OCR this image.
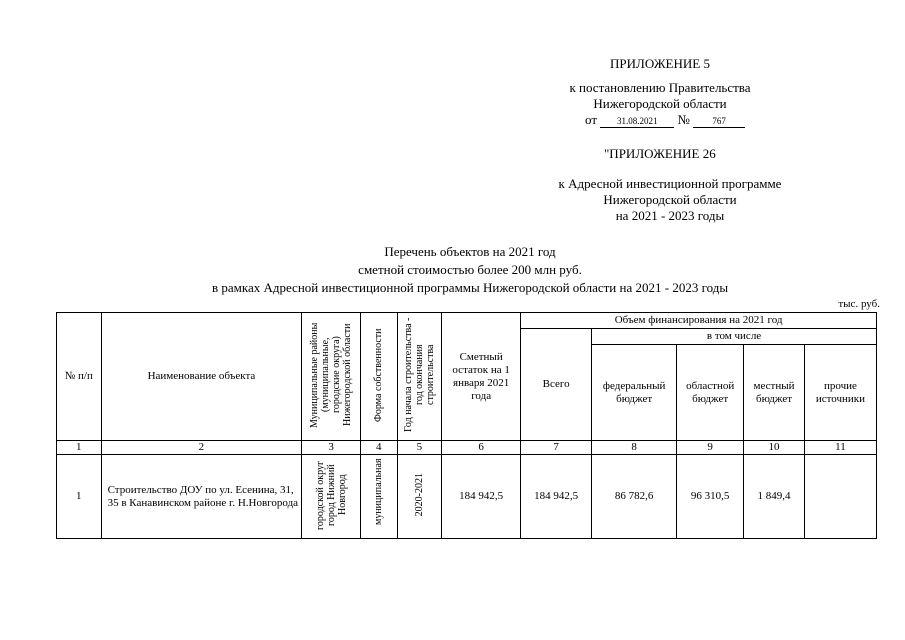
ПРИЛОЖЕНИЕ 5
к постановлению Правительства
Нижегородской области
от 31.08.2021 №	767
"ПРИЛОЖЕНИЕ 26
к Адресной инвестиционной программе
Нижегородской области
на 2021 - 2023 годы
Перечень объектов на 2021 год
сметной стоимостью более 200 млн руб.
в рамках Адресной инвестиционной программы Нижегородской области на 2021 - 2023 годы
тыс. руб.
№ п/п	Наименование объекта	Муниципальные районы (муниципальные, городские округа) Нижегородской области	Форма собственности	Год начала строительства - год окончания строительства	Сметный остаток на 1 января 2021 года	Объем финансирования на 2021 год				
						Всего	в том числе			
							федеральный бюджет	областной бюджет	местный бюджет	прочие источники
1	2	3	4	5	6	7	8	9	10	11
1	Строительство ДОУ по ул. Есенина, 31, 35 в Канавинском районе г. Н.Новгорода	городской округ город Нижний Новгород	муниципальная	2020-2021	184 942,5	184 942,5	86 782,6	96 310,5	1 849,4	
